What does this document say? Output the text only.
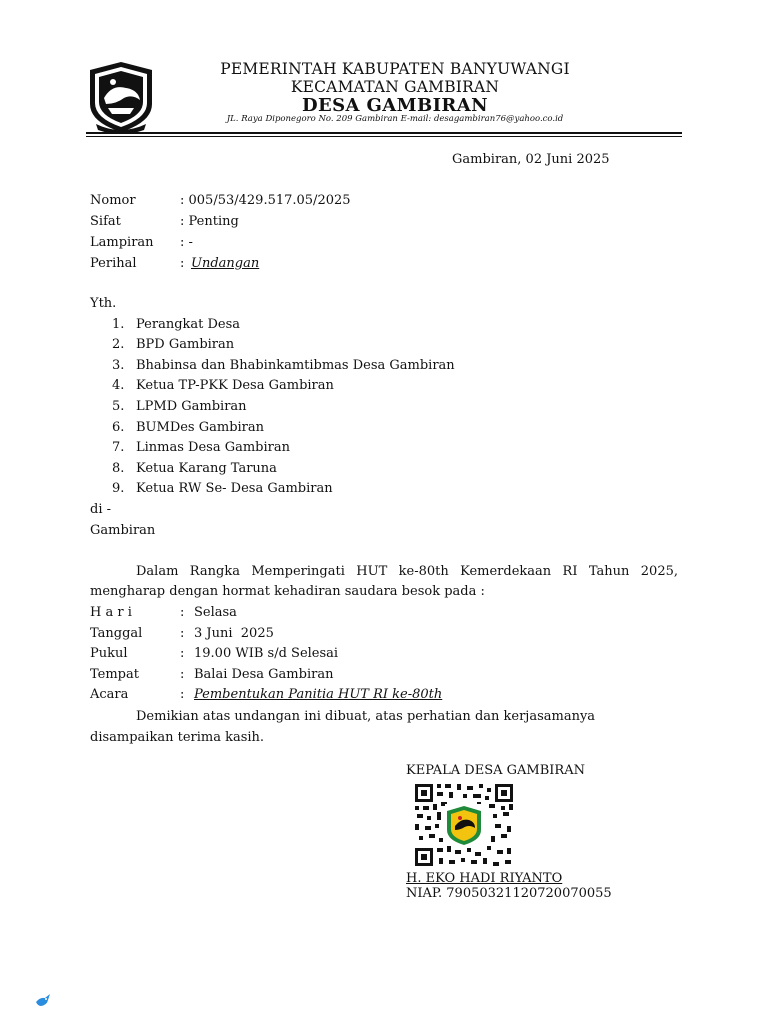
PEMERINTAH KABUPATEN BANYUWANGI
KECAMATAN GAMBIRAN
DESA GAMBIRAN
JL. Raya Diponegoro No. 209 Gambiran E-mail: desagambiran76@yahoo.co.id
Gambiran, 02 Juni 2025
Nomor	: 005/53/429.517.05/2025
Sifat	: Penting
Lampiran : -
Perihal	: Undangan
Yth.
1. Perangkat Desa
2. BPD Gambiran
3. Bhabinsa dan Bhabinkamtibmas Desa Gambiran
4. Ketua TP-PKK Desa Gambiran
5. LPMD Gambiran
6. BUMDes Gambiran
7. Linmas Desa Gambiran
8. Ketua Karang Taruna
9. Ketua RW Se- Desa Gambiran
di -
Gambiran
Dalam Rangka Memperingati HUT ke-80th Kemerdekaan RI Tahun 2025,
mengharap dengan hormat kehadiran saudara besok pada :
H a r i	: Selasa
Tanggal	: 3 Juni  2025
Pukul	: 19.00 WIB s/d Selesai
Tempat	: Balai Desa Gambiran
Acara	: Pembentukan Panitia HUT RI ke-80th
Demikian atas undangan ini dibuat, atas perhatian dan kerjasamanya
disampaikan terima kasih.
KEPALA DESA GAMBIRAN
H. EKO HADI RIYANTO
NIAP. 79050321120720070055
